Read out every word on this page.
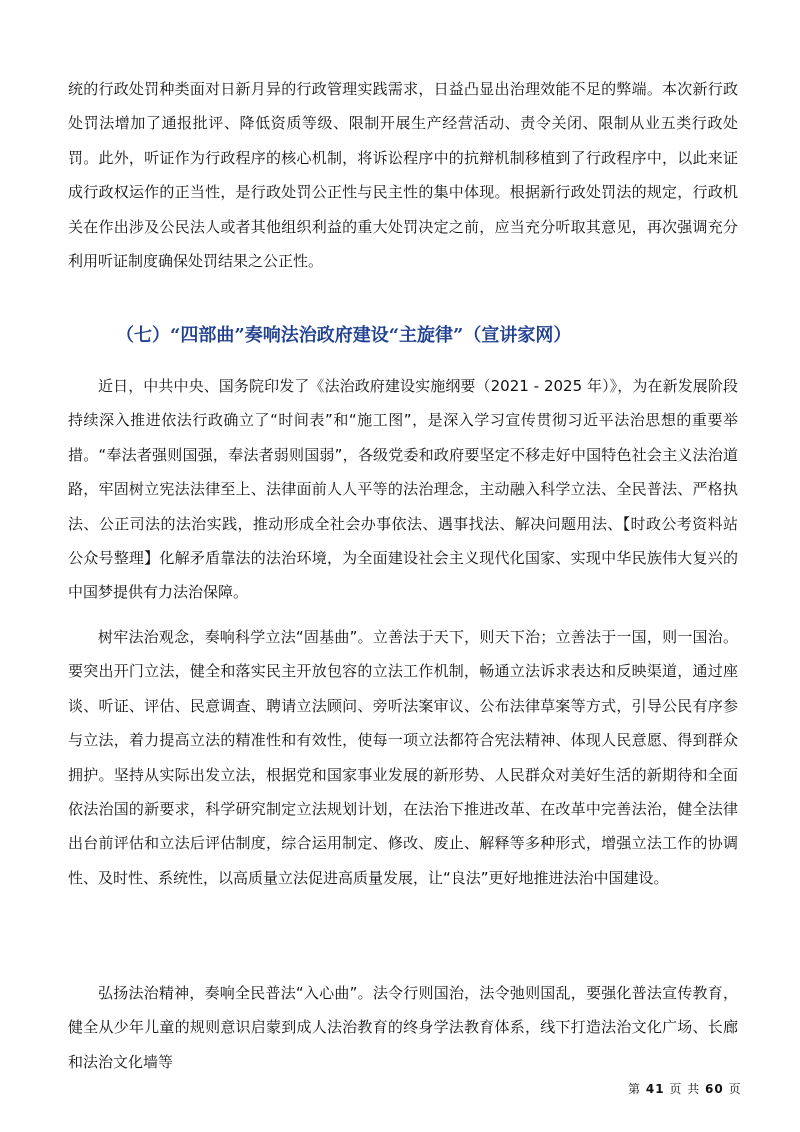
统的行政处罚种类面对日新月异的行政管理实践需求，日益凸显出治理效能不足的弊端。本次新行政处罚法增加了通报批评、降低资质等级、限制开展生产经营活动、责令关闭、限制从业五类行政处罚。此外，听证作为行政程序的核心机制，将诉讼程序中的抗辩机制移植到了行政程序中，以此来证成行政权运作的正当性，是行政处罚公正性与民主性的集中体现。根据新行政处罚法的规定，行政机关在作出涉及公民法人或者其他组织利益的重大处罚决定之前，应当充分听取其意见，再次强调充分利用听证制度确保处罚结果之公正性。

（七）“四部曲”奏响法治政府建设“主旋律”（宣讲家网）

近日，中共中央、国务院印发了《法治政府建设实施纲要（2021 - 2025 年）》，为在新发展阶段持续深入推进依法行政确立了“时间表”和“施工图”，是深入学习宣传贯彻习近平法治思想的重要举措。“奉法者强则国强，奉法者弱则国弱”，各级党委和政府要坚定不移走好中国特色社会主义法治道路，牢固树立宪法法律至上、法律面前人人平等的法治理念，主动融入科学立法、全民普法、严格执法、公正司法的法治实践，推动形成全社会办事依法、遇事找法、解决问题用法、【时政公考资料站 公众号整理】化解矛盾靠法的法治环境，为全面建设社会主义现代化国家、实现中华民族伟大复兴的中国梦提供有力法治保障。

树牢法治观念，奏响科学立法“固基曲”。立善法于天下，则天下治；立善法于一国，则一国治。要突出开门立法，健全和落实民主开放包容的立法工作机制，畅通立法诉求表达和反映渠道，通过座谈、听证、评估、民意调查、聘请立法顾问、旁听法案审议、公布法律草案等方式，引导公民有序参与立法，着力提高立法的精准性和有效性，使每一项立法都符合宪法精神、体现人民意愿、得到群众拥护。坚持从实际出发立法，根据党和国家事业发展的新形势、人民群众对美好生活的新期待和全面依法治国的新要求，科学研究制定立法规划计划，在法治下推进改革、在改革中完善法治，健全法律出台前评估和立法后评估制度，综合运用制定、修改、废止、解释等多种形式，增强立法工作的协调性、及时性、系统性，以高质量立法促进高质量发展，让“良法”更好地推进法治中国建设。

弘扬法治精神，奏响全民普法“入心曲”。法令行则国治，法令弛则国乱，要强化普法宣传教育，健全从少年儿童的规则意识启蒙到成人法治教育的终身学法教育体系，线下打造法治文化广场、长廊和法治文化墙等

第 41 页 共 60 页
